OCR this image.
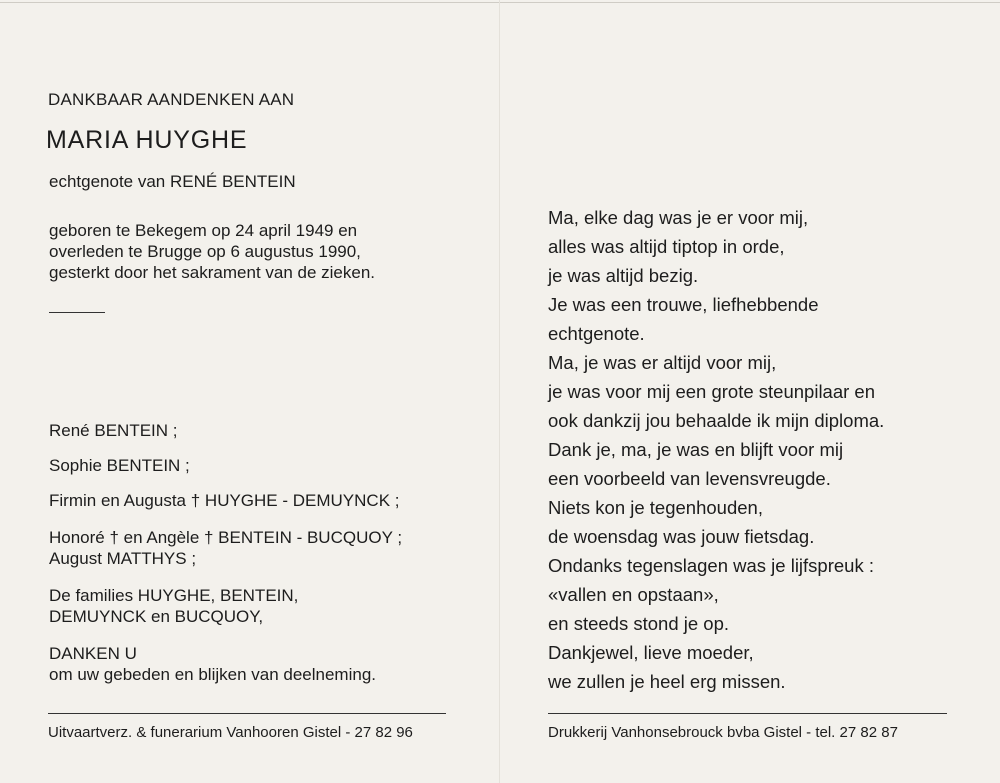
DANKBAAR AANDENKEN AAN
MARIA HUYGHE
echtgenote van RENÉ BENTEIN
geboren te Bekegem op 24 april 1949 en
overleden te Brugge op 6 augustus 1990,
gesterkt door het sakrament van de zieken.
René BENTEIN ;
Sophie BENTEIN ;
Firmin en Augusta † HUYGHE - DEMUYNCK ;
Honoré † en Angèle † BENTEIN - BUCQUOY ;
August MATTHYS ;
De families HUYGHE, BENTEIN,
DEMUYNCK en BUCQUOY,
DANKEN U
om uw gebeden en blijken van deelneming.
Uitvaartverz. & funerarium Vanhooren Gistel - 27 82 96
Ma, elke dag was je er voor mij,
alles was altijd tiptop in orde,
je was altijd bezig.
Je was een trouwe, liefhebbende
echtgenote.
Ma, je was er altijd voor mij,
je was voor mij een grote steunpilaar en
ook dankzij jou behaalde ik mijn diploma.
Dank je, ma, je was en blijft voor mij
een voorbeeld van levensvreugde.
Niets kon je tegenhouden,
de woensdag was jouw fietsdag.
Ondanks tegenslagen was je lijfspreuk :
«vallen en opstaan»,
en steeds stond je op.
Dankjewel, lieve moeder,
we zullen je heel erg missen.
Drukkerij Vanhonsebrouck bvba Gistel - tel. 27 82 87
